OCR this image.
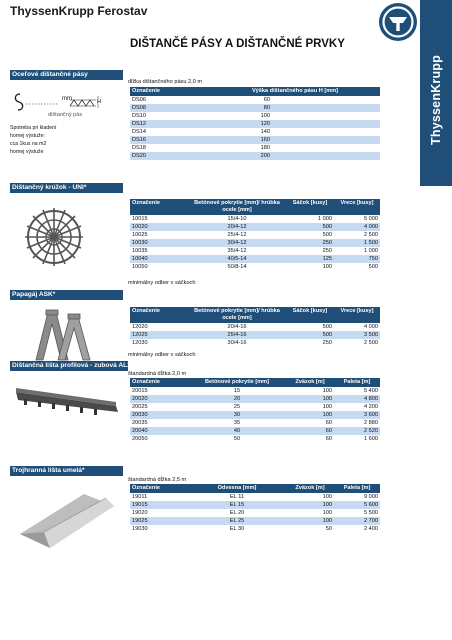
ThyssenKrupp Ferostav
DIŠTANČÉ PÁSY A DIŠTANČNÉ PRVKY
ThyssenKrupp
Oceľové dištančné pásy
dĺžka dištančného pásu 2,0 m
mm	H
dištančný pás
Spotreba pri kladení
hornej výstuže:
cca 1kus na m2
hornej výstuže
Označenie	Výška dištančného pásu H [mm]
DS06	60
DS08	80
DS10	100
DS12	120
DS14	140
DS16	160
DS18	180
DS20	200
Dištančný krúžok - UNI*
Označenie	Betónové pokrytie [mm]/ hrúbka ocele [mm]	Sáčok [kusy]	Vrece [kusy]
10015	15/4-10	1 000	5 000
10020	20/4-12	500	4 000
10025	25/4-12	500	2 500
10030	30/4-12	250	1 500
10035	35/4-12	250	1 000
10040	40/5-14	125	750
10050	50/8-14	100	500
minimálny odber v sáčkoch
Papagáj ASK*
Označenie	Betónové pokrytie [mm]/ hrúbka ocele [mm]	Sáčok [kusy]	Vrece [kusy]
12020	20/4-16	500	4 000
12025	25/4-16	500	3 500
12030	30/4-16	250	2 500
minimálny odber v sáčkoch
Dištančná lišta profilová - zubová AL2*
štandardná dĺžka 2,0 m
Označenie	Betónové pokrytie [mm]	Zväzok [m]	Paleta [m]
20015	15	100	5 400
20020	20	100	4 800
20025	25	100	4 200
20030	30	100	3 600
20035	35	60	2 880
20040	40	60	2 520
20050	50	60	1 600
Trojhranná lišta umelá*
štandardná dĺžka 2,5 m
Označenie	Odvesna [mm]	Zväzok [m]	Paleta [m]
19011	EL 11	100	9 000
19015	EL 15	100	5 600
19020	EL 20	100	5 500
19025	EL 25	100	2 700
19030	EL 30	50	2 400
